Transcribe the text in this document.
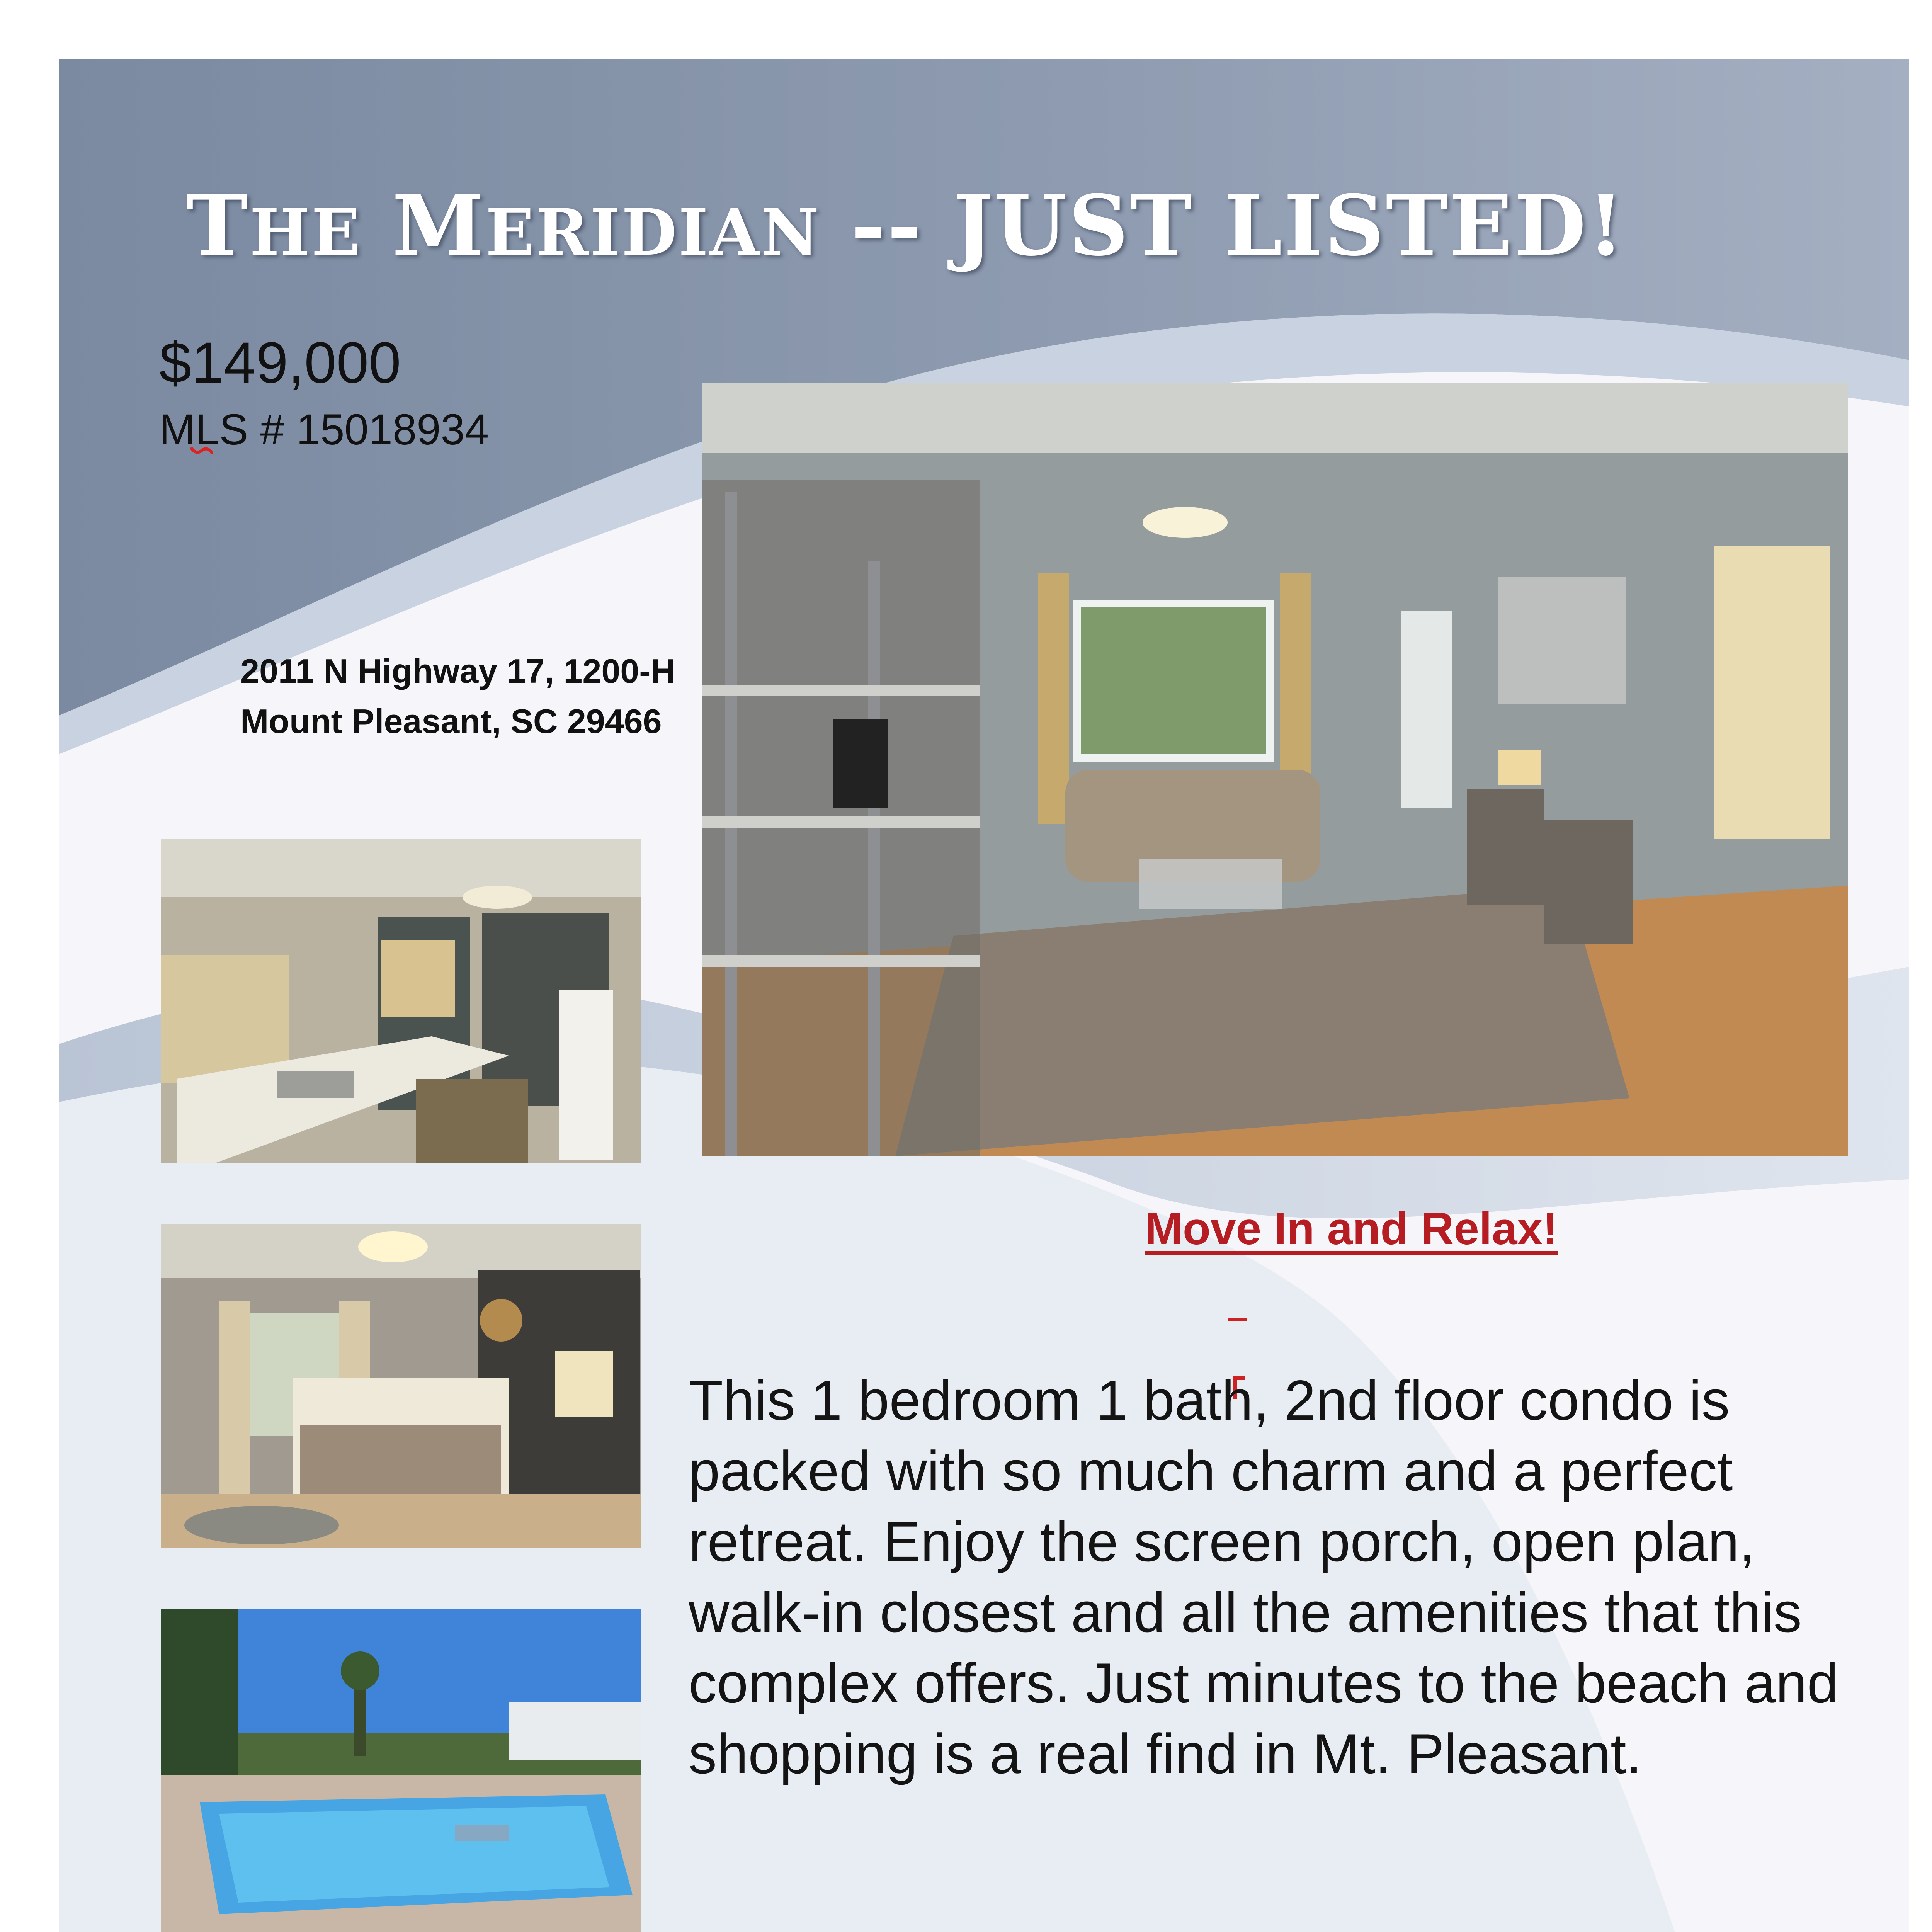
THE MERIDIAN -- JUST LISTED!
$149,000
MLS # 15018934
2011 N Highway 17, 1200-H
Mount Pleasant, SC 29466
Move In and Relax!
This 1 bedroom 1 bath, 2nd floor condo is packed with so much charm and a perfect retreat. Enjoy the screen porch, open plan, walk-in closest and all the amenities that this complex offers. Just minutes to the beach and shopping is a real find in Mt. Pleasant.
